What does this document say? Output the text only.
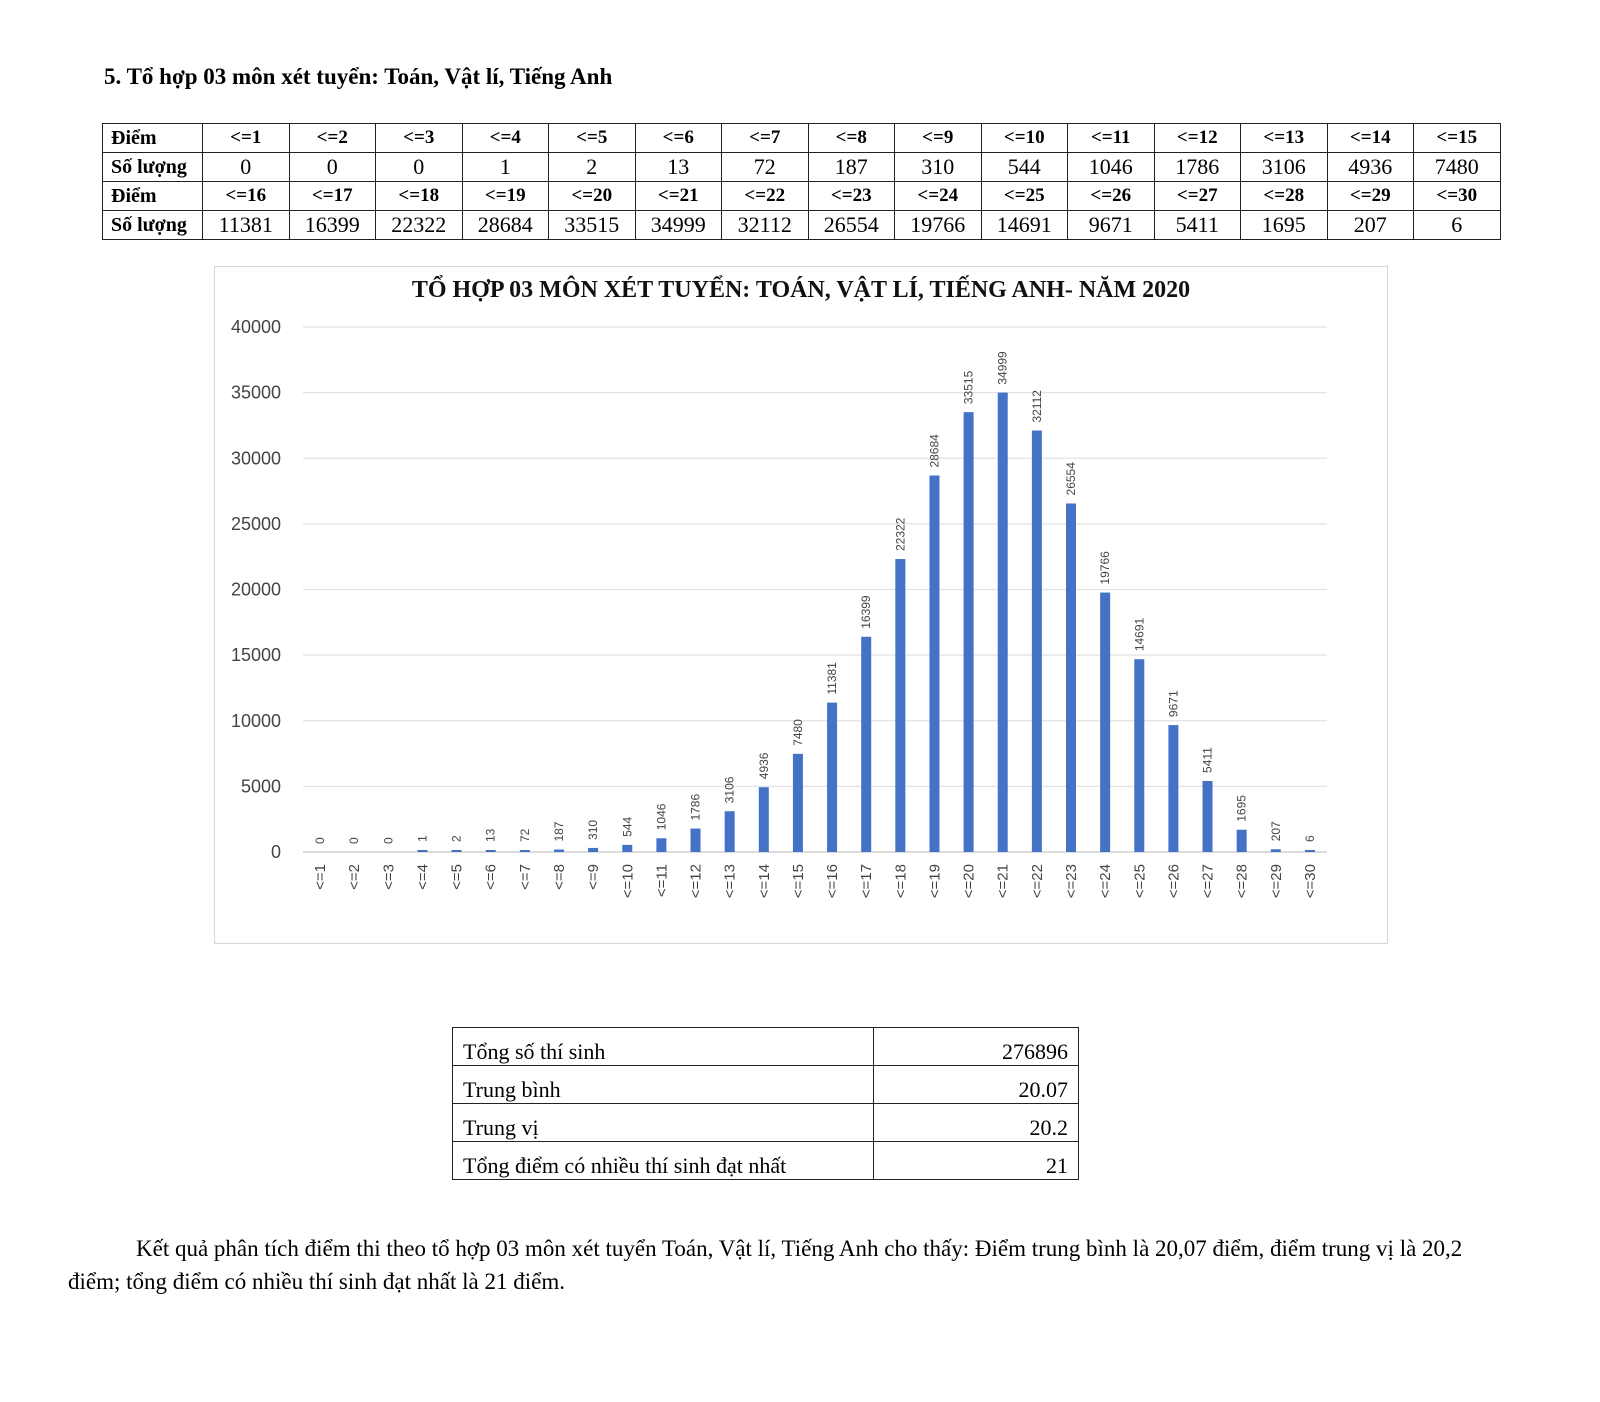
5. Tổ hợp 03 môn xét tuyển: Toán, Vật lí, Tiếng Anh
Điểm	<=1	<=2	<=3	<=4	<=5	<=6	<=7	<=8	<=9	<=10	<=11	<=12	<=13	<=14	<=15
Số lượng	0	0	0	1	2	13	72	187	310	544	1046	1786	3106	4936	7480
Điểm	<=16	<=17	<=18	<=19	<=20	<=21	<=22	<=23	<=24	<=25	<=26	<=27	<=28	<=29	<=30
Số lượng	11381	16399	22322	28684	33515	34999	32112	26554	19766	14691	9671	5411	1695	207	6
TỔ HỢP 03 MÔN XÉT TUYỂN: TOÁN, VẬT LÍ, TIẾNG ANH- NĂM 2020
0
5000
10000
15000
20000
25000
30000
35000
40000
0
<=1
0
<=2
0
<=3
1
<=4
2
<=5
13
<=6
72
<=7
187
<=8
310
<=9
544
<=10
1046
<=11
1786
<=12
3106
<=13
4936
<=14
7480
<=15
11381
<=16
16399
<=17
22322
<=18
28684
<=19
33515
<=20
34999
<=21
32112
<=22
26554
<=23
19766
<=24
14691
<=25
9671
<=26
5411
<=27
1695
<=28
207
<=29
6
<=30
Tổng số thí sinh	276896
Trung bình	20.07
Trung vị	20.2
Tổng điểm có nhiều thí sinh đạt nhất	21

Kết quả phân tích điểm thi theo tổ hợp 03 môn xét tuyển Toán, Vật lí, Tiếng Anh cho thấy: Điểm trung bình là 20,07 điểm, điểm trung vị là 20,2 điểm; tổng điểm có nhiều thí sinh đạt nhất là 21 điểm.
